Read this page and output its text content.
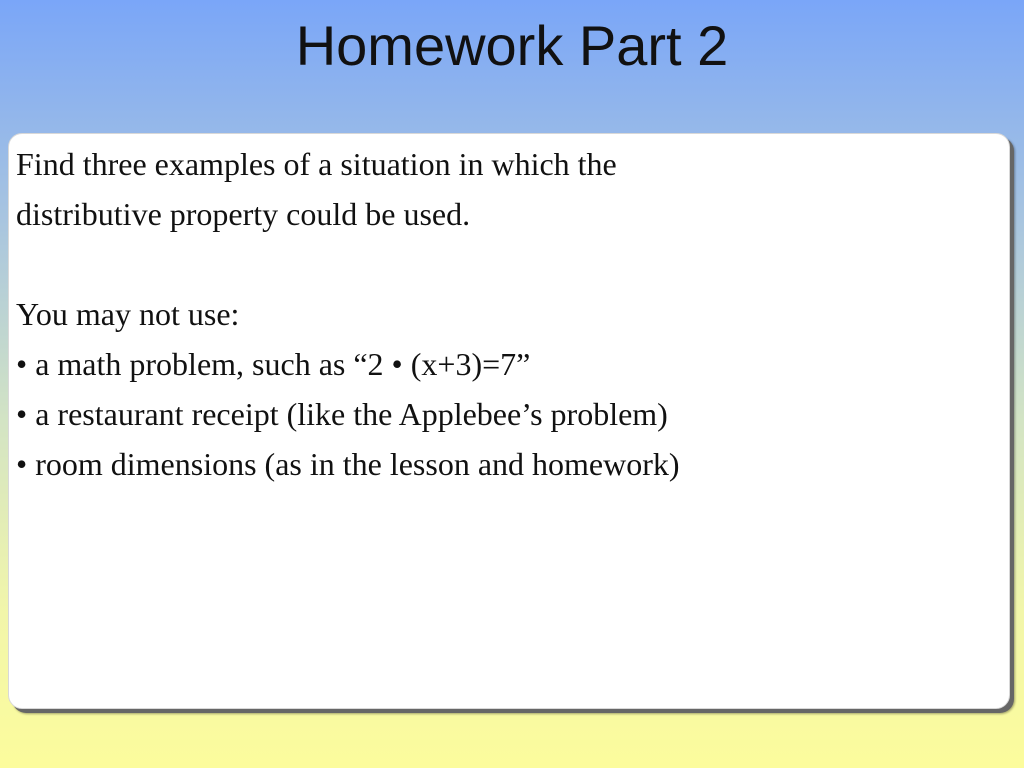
Homework Part 2

Find three examples of a situation in which the

distributive property could be used.

You may not use:

• a math problem, such as “2 • (x+3)=7”

• a restaurant receipt (like the Applebee’s problem)

• room dimensions (as in the lesson and homework)
